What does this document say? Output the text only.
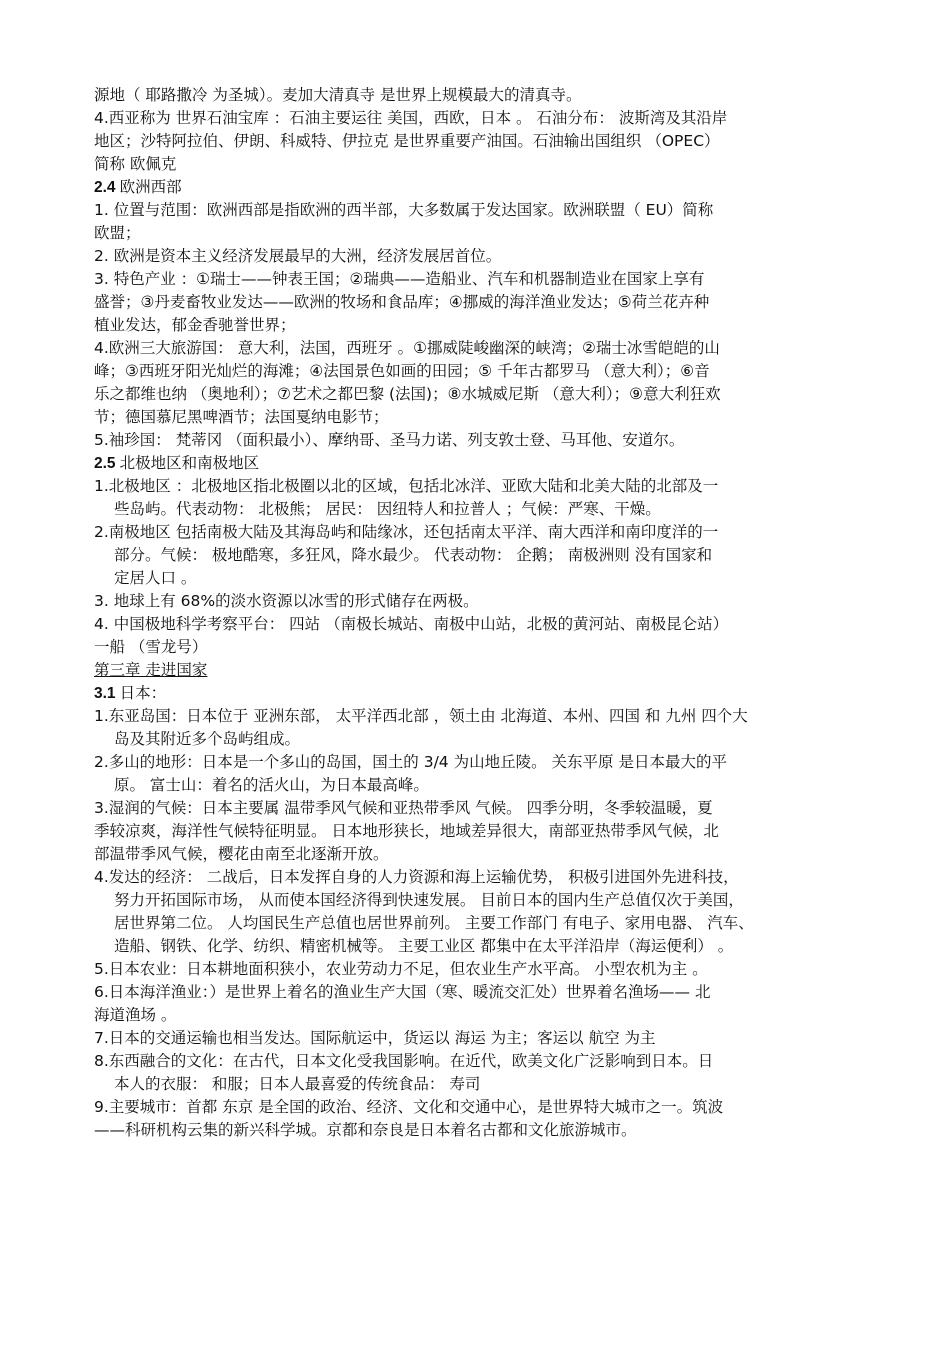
源地（ 耶路撒冷 为圣城）。麦加大清真寺 是世界上规模最大的清真寺。
4.西亚称为 世界石油宝库 ：石油主要运往 美国，西欧，日本 。 石油分布： 波斯湾及其沿岸
地区；沙特阿拉伯、伊朗、科威特、伊拉克 是世界重要产油国。石油输出国组织 （OPEC）
简称 欧佩克
2.4 欧洲西部
1. 位置与范围：欧洲西部是指欧洲的西半部，大多数属于发达国家。欧洲联盟（ EU）简称
欧盟；
2. 欧洲是资本主义经济发展最早的大洲，经济发展居首位。
3. 特色产业 ：①瑞士——钟表王国；②瑞典——造船业、汽车和机器制造业在国家上享有
盛誉；③丹麦畜牧业发达——欧洲的牧场和食品库；④挪威的海洋渔业发达；⑤荷兰花卉种
植业发达，郁金香驰誉世界；
4.欧洲三大旅游国： 意大利，法国，西班牙 。①挪威陡峻幽深的峡湾；②瑞士冰雪皑皑的山
峰；③西班牙阳光灿烂的海滩；④法国景色如画的田园；⑤ 千年古都罗马 （意大利）；⑥音
乐之都维也纳 （奥地利）；⑦艺术之都巴黎 (法国)；⑧水城威尼斯 （意大利）；⑨意大利狂欢
节；德国慕尼黑啤酒节；法国戛纳电影节；
5.袖珍国： 梵蒂冈 （面积最小）、摩纳哥、圣马力诺、列支敦士登、马耳他、安道尔。
2.5 北极地区和南极地区
1.北极地区 ：北极地区指北极圈以北的区域，包括北冰洋、亚欧大陆和北美大陆的北部及一
些岛屿。代表动物： 北极熊； 居民： 因纽特人和拉普人 ；气候：严寒、干燥。
2.南极地区 包括南极大陆及其海岛屿和陆缘冰，还包括南太平洋、南大西洋和南印度洋的一
部分。气候： 极地酷寒，多狂风，降水最少。 代表动物： 企鹅； 南极洲则 没有国家和
定居人口 。
3. 地球上有 68%的淡水资源以冰雪的形式储存在两极。
4. 中国极地科学考察平台： 四站 （南极长城站、南极中山站，北极的黄河站、南极昆仑站）
一船 （雪龙号）
第三章 走进国家
3.1 日本：
1.东亚岛国：日本位于 亚洲东部， 太平洋西北部 ，领土由 北海道、本州、四国 和 九州 四个大
岛及其附近多个岛屿组成。
2.多山的地形：日本是一个多山的岛国，国土的 3/4 为山地丘陵。 关东平原 是日本最大的平
原。 富士山：着名的活火山，为日本最高峰。
3.湿润的气候：日本主要属 温带季风气候和亚热带季风 气候。 四季分明，冬季较温暖，夏
季较凉爽，海洋性气候特征明显。 日本地形狭长，地域差异很大，南部亚热带季风气候，北
部温带季风气候，樱花由南至北逐渐开放。
4.发达的经济： 二战后，日本发挥自身的人力资源和海上运输优势， 积极引进国外先进科技，
努力开拓国际市场， 从而使本国经济得到快速发展。 目前日本的国内生产总值仅次于美国，
居世界第二位。 人均国民生产总值也居世界前列。 主要工作部门 有电子、家用电器、 汽车、
造船、钢铁、化学、纺织、精密机械等。 主要工业区 都集中在太平洋沿岸（海运便利） 。
5.日本农业：日本耕地面积狭小，农业劳动力不足，但农业生产水平高。 小型农机为主 。
6.日本海洋渔业：）是世界上着名的渔业生产大国（寒、暖流交汇处）世界着名渔场—— 北
海道渔场 。
7.日本的交通运输也相当发达。国际航运中，货运以 海运 为主；客运以 航空 为主
8.东西融合的文化：在古代，日本文化受我国影响。在近代，欧美文化广泛影响到日本。日
本人的衣服： 和服；日本人最喜爱的传统食品： 寿司
9.主要城市：首都 东京 是全国的政治、经济、文化和交通中心，是世界特大城市之一。筑波
——科研机构云集的新兴科学城。京都和奈良是日本着名古都和文化旅游城市。
